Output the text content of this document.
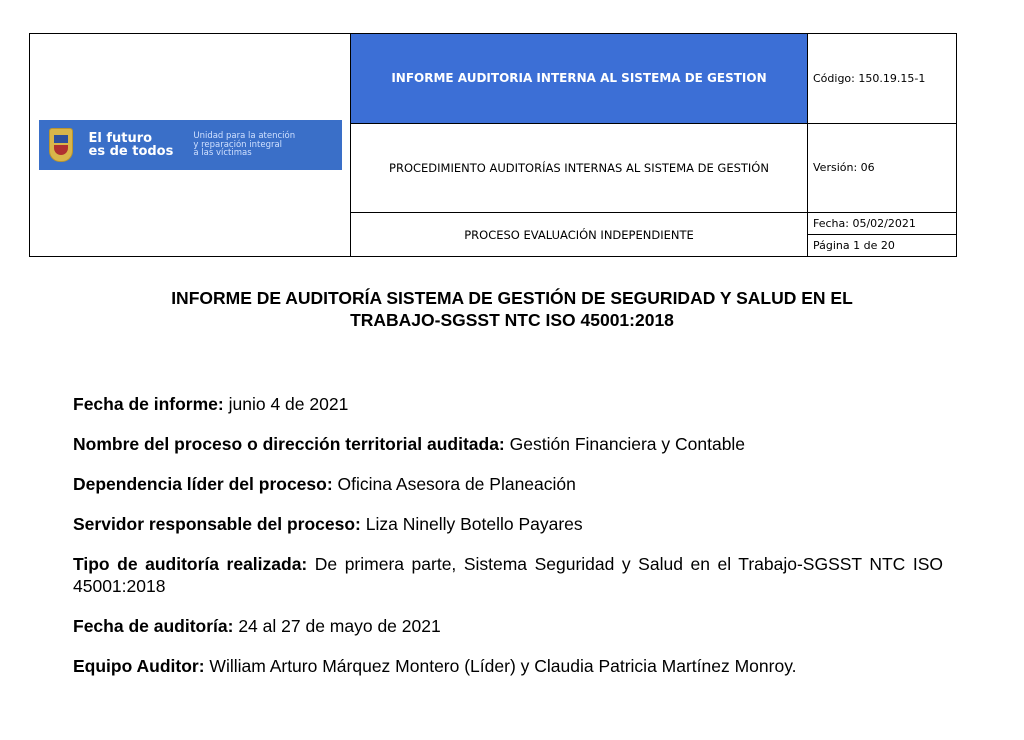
El futuro
es de todos
Unidad para la atención
y reparación integral
a las víctimas	INFORME AUDITORIA INTERNA AL SISTEMA DE GESTION	Código: 150.19.15-1
	PROCEDIMIENTO AUDITORÍAS INTERNAS AL SISTEMA DE GESTIÓN	Versión: 06
	PROCESO EVALUACIÓN INDEPENDIENTE	Fecha: 05/02/2021
		Página 1 de 20
INFORME DE AUDITORÍA SISTEMA DE GESTIÓN DE SEGURIDAD Y SALUD EN EL
TRABAJO-SGSST NTC ISO 45001:2018

Fecha de informe: junio 4 de 2021

Nombre del proceso o dirección territorial auditada: Gestión Financiera y Contable

Dependencia líder del proceso: Oficina Asesora de Planeación

Servidor responsable del proceso: Liza Ninelly Botello Payares

Tipo de auditoría realizada: De primera parte, Sistema Seguridad y Salud en el Trabajo-SGSST NTC ISO 45001:2018

Fecha de auditoría: 24 al 27 de mayo de 2021

Equipo Auditor: William Arturo Márquez Montero (Líder) y Claudia Patricia Martínez Monroy.
